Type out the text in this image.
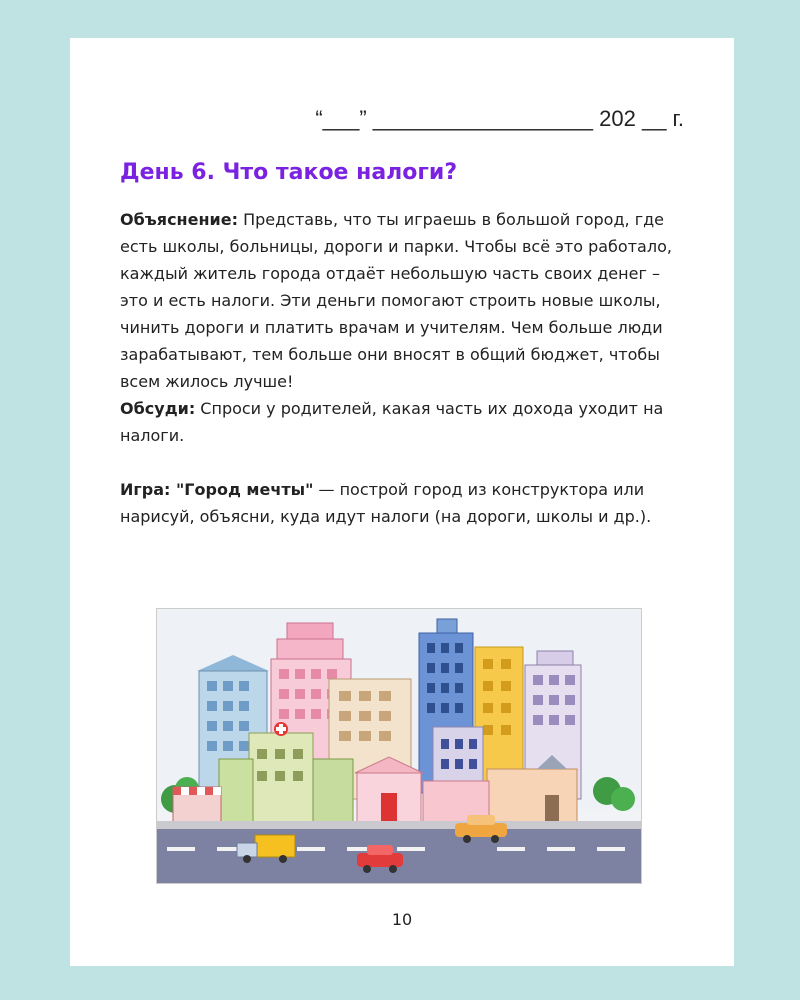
“___” __________________ 202 __ г.
День 6. Что такое налоги?

Объяснение: Представь, что ты играешь в большой город, где есть школы, больницы, дороги и парки. Чтобы всё это работало, каждый житель города отдаёт небольшую часть своих денег – это и есть налоги. Эти деньги помогают строить новые школы, чинить дороги и платить врачам и учителям. Чем больше люди зарабатывают, тем больше они вносят в общий бюджет, чтобы всем жилось лучше!

Обсуди: Спроси у родителей, какая часть их дохода уходит на налоги.

Игра: "Город мечты" — построй город из конструктора или нарисуй, объясни, куда идут налоги (на дороги, школы и др.).

10
